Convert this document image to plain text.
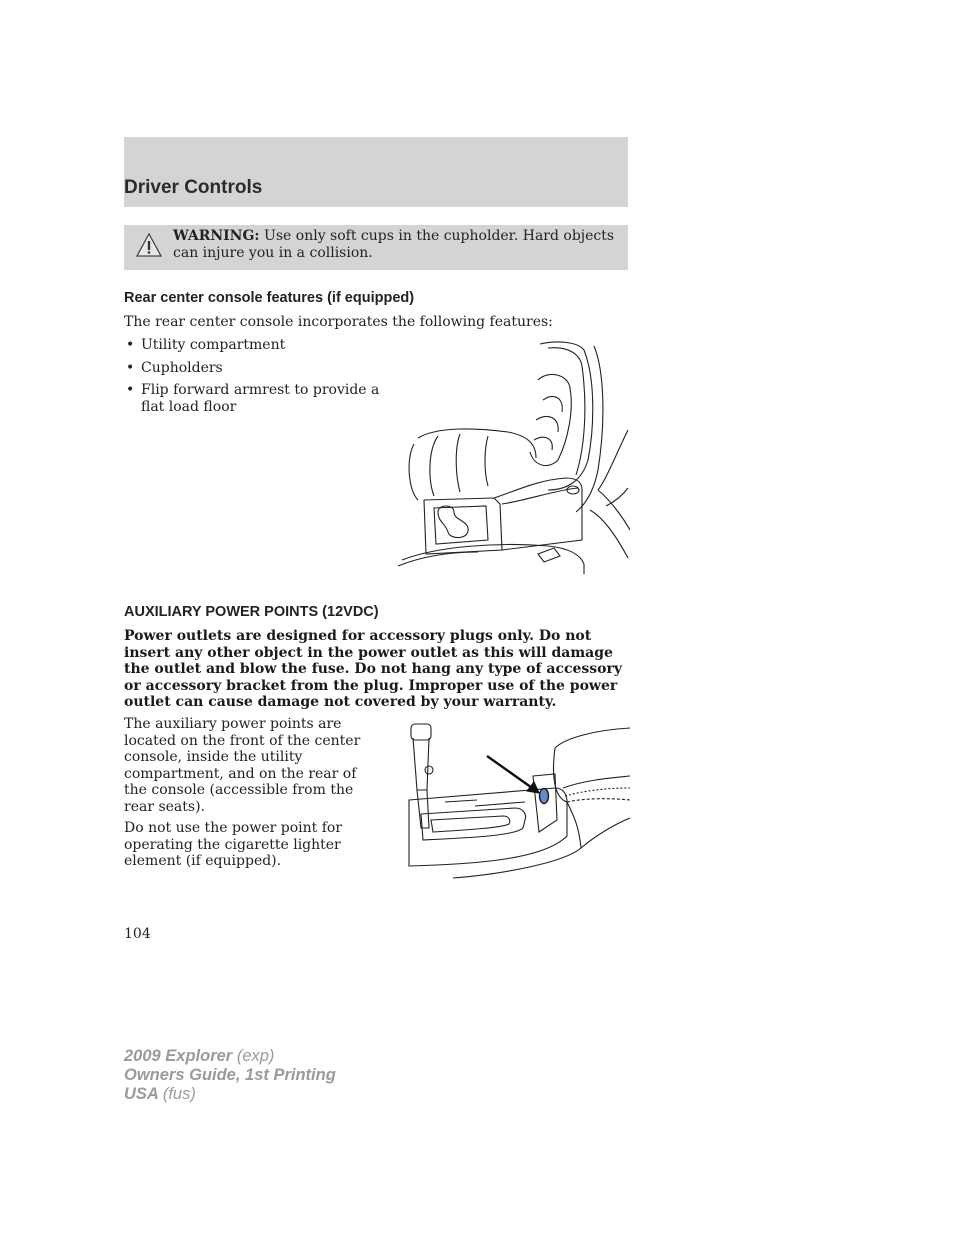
Driver Controls
WARNING: Use only soft cups in the cupholder. Hard objects can injure you in a collision.
Rear center console features (if equipped)
The rear center console incorporates the following features:
• Utility compartment
• Cupholders
• Flip forward armrest to provide a flat load floor
AUXILIARY POWER POINTS (12VDC)
Power outlets are designed for accessory plugs only. Do not insert any other object in the power outlet as this will damage the outlet and blow the fuse. Do not hang any type of accessory or accessory bracket from the plug. Improper use of the power outlet can cause damage not covered by your warranty.
The auxiliary power points are located on the front of the center console, inside the utility compartment, and on the rear of the console (accessible from the rear seats).
Do not use the power point for operating the cigarette lighter element (if equipped).
104
2009 Explorer (exp)
Owners Guide, 1st Printing
USA (fus)
